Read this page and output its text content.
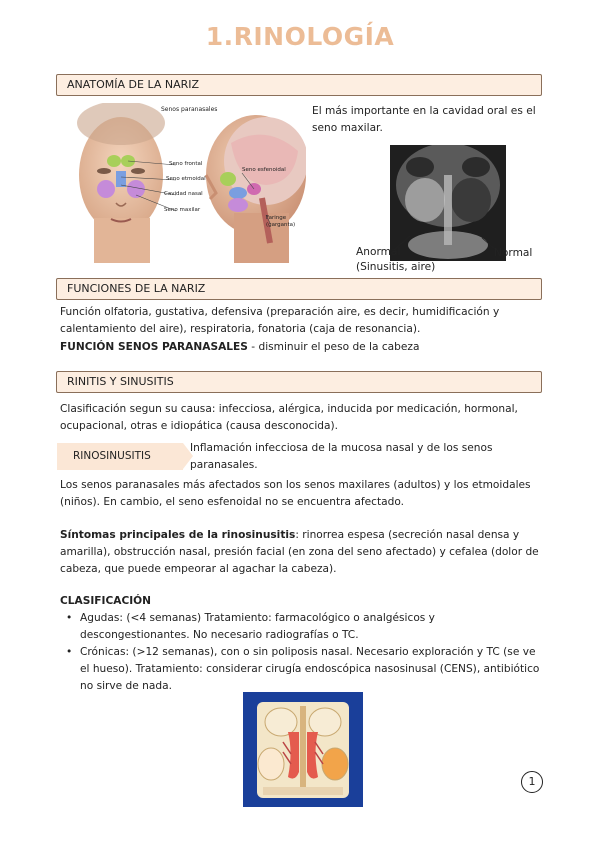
1.RINOLOGÍA
ANATOMÍA DE LA NARIZ
Senos paranasales
Seno frontal
Seno etmoidal
Cavidad nasal
Seno maxilar
Seno esfenoidal
Faringe (garganta)
El más importante en la cavidad oral es el seno maxilar.
Anormal
(Sinusitis, aire)
Normal
FUNCIONES DE LA NARIZ
Función olfatoria, gustativa, defensiva (preparación aire, es decir, humidificación y calentamiento del aire), respiratoria, fonatoria (caja de resonancia).
FUNCIÓN SENOS PARANASALES - disminuir el peso de la cabeza
RINITIS Y SINUSITIS
Clasificación segun su causa: infecciosa, alérgica, inducida por medicación, hormonal, ocupacional, otras e idiopática (causa desconocida).
RINOSINUSITIS
Inflamación infecciosa de la mucosa nasal y de los senos paranasales.
Los senos paranasales más afectados son los senos maxilares (adultos) y los etmoidales (niños). En cambio, el seno esfenoidal no se encuentra afectado.
Síntomas principales de la rinosinusitis: rinorrea espesa (secreción nasal densa y amarilla), obstrucción nasal, presión facial (en zona del seno afectado) y cefalea (dolor de cabeza, que puede empeorar al agachar la cabeza).
CLASIFICACIÓN
• Agudas: (<4 semanas) Tratamiento: farmacológico o analgésicos y descongestionantes. No necesario radiografías o TC.
• Crónicas: (>12 semanas), con o sin poliposis nasal. Necesario exploración y TC (se ve el hueso). Tratamiento: considerar cirugía endoscópica nasosinusal (CENS), antibiótico no sirve de nada.
1
